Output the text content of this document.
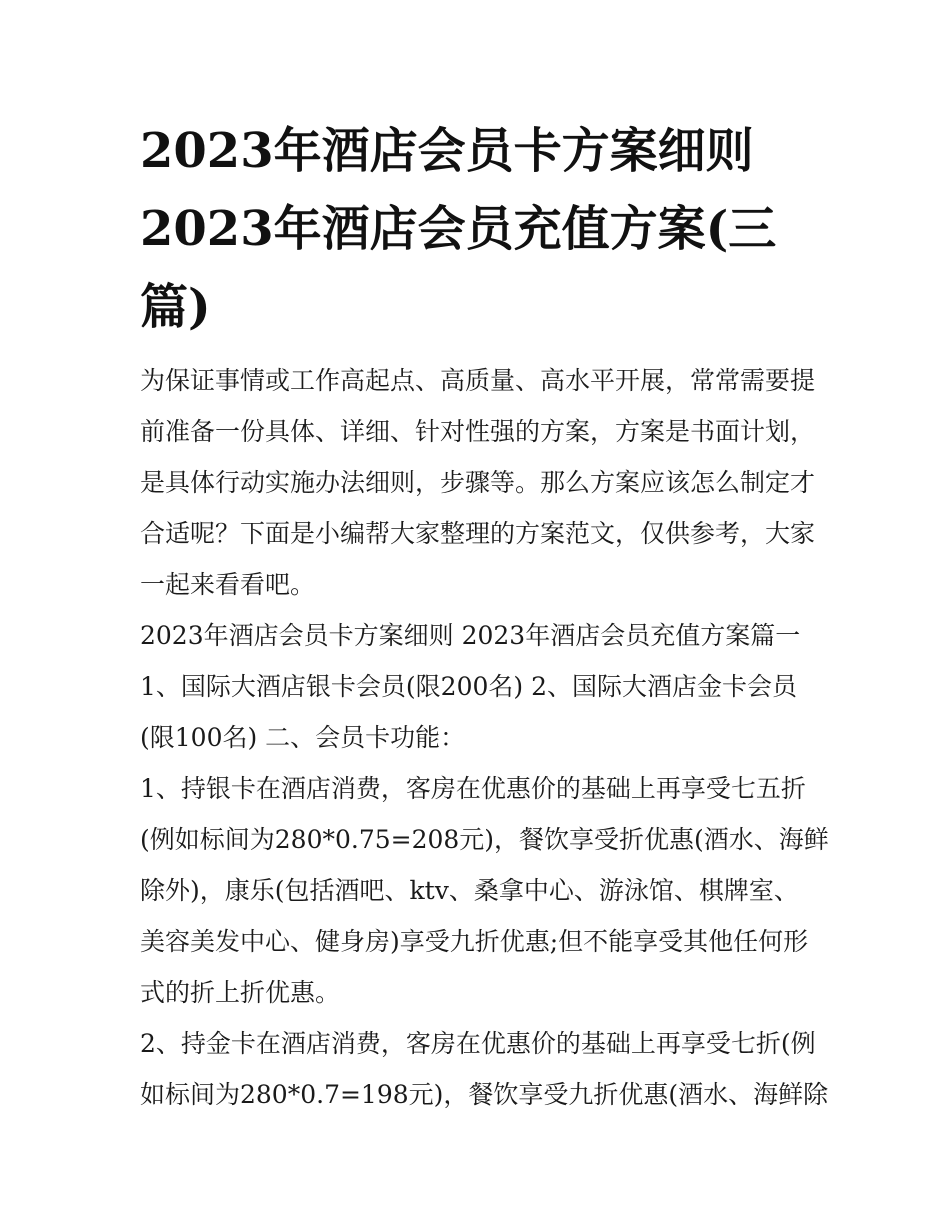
2023年酒店会员卡方案细则
2023年酒店会员充值方案(三
篇)
为保证事情或工作高起点、高质量、高水平开展，常常需要提
前准备一份具体、详细、针对性强的方案，方案是书面计划，
是具体行动实施办法细则，步骤等。那么方案应该怎么制定才
合适呢？下面是小编帮大家整理的方案范文，仅供参考，大家
一起来看看吧。
2023年酒店会员卡方案细则 2023年酒店会员充值方案篇一
1、国际大酒店银卡会员(限200名) 2、国际大酒店金卡会员
(限100名) 二、会员卡功能：
1、持银卡在酒店消费，客房在优惠价的基础上再享受七五折
(例如标间为280*0.75=208元)，餐饮享受折优惠(酒水、海鲜
除外)，康乐(包括酒吧、ktv、桑拿中心、游泳馆、棋牌室、
美容美发中心、健身房)享受九折优惠;但不能享受其他任何形
式的折上折优惠。
2、持金卡在酒店消费，客房在优惠价的基础上再享受七折(例
如标间为280*0.7=198元)，餐饮享受九折优惠(酒水、海鲜除
